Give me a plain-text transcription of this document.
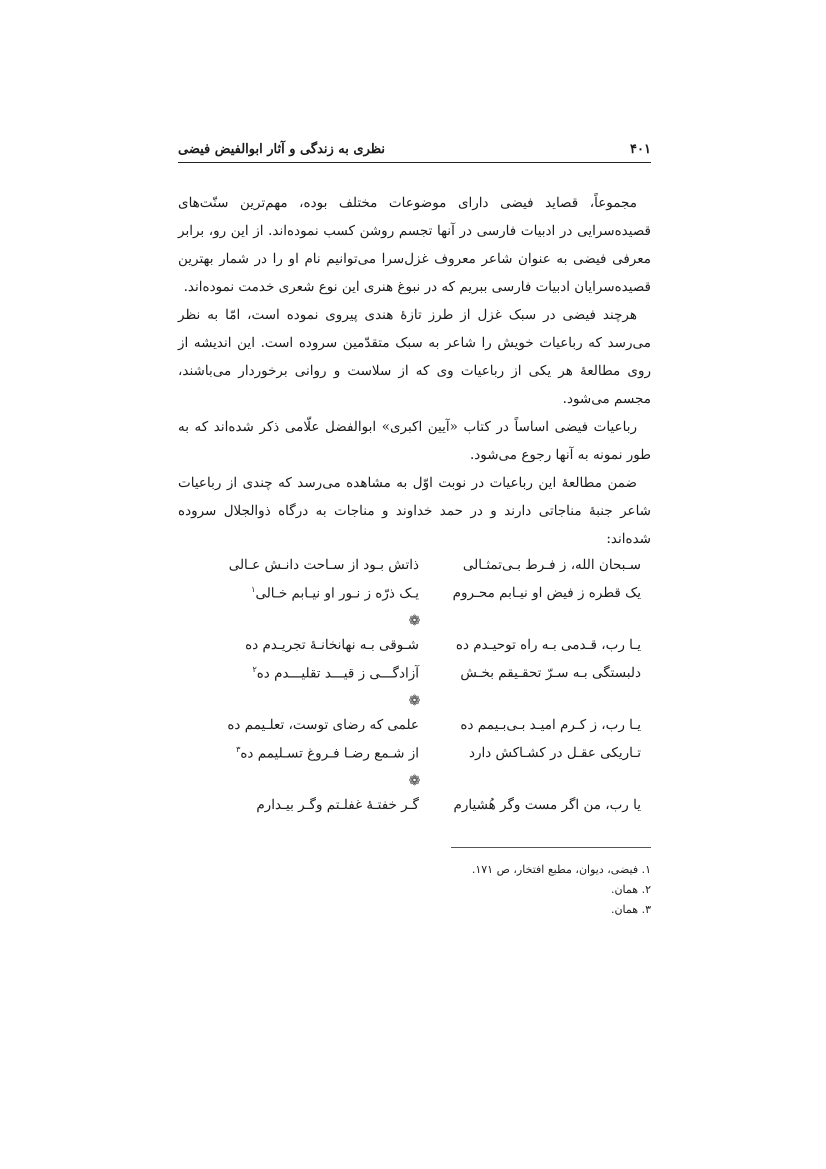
۴۰۱
نظری به زندگی و آثار ابوالفیض فیضی

مجموعاً، قصاید فیضی دارای موضوعات مختلف بوده، مهم‌ترین سنّت‌های قصیده‌سرایی در ادبیات فارسی در آنها تجسم روشن کسب نموده‌اند. از این رو، برابر معرفی فیضی به عنوان شاعر معروف غزل‌سرا می‌توانیم نام او را در شمار بهترین قصیده‌سرایان ادبیات فارسی ببریم که در نبوغ هنری این نوع شعری خدمت نموده‌اند.

هرچند فیضی در سبک غزل از طرز تازهٔ هندی پیروی نموده است، امّا به نظر می‌رسد که رباعیات خویش را شاعر به سبک متقدّمین سروده است. این اندیشه از روی مطالعهٔ هر یکی از رباعیات وی که از سلاست و روانی برخوردار می‌باشند، مجسم می‌شود.

رباعیات فیضی اساساً در کتاب «آیین اکبری» ابوالفضل علّامی ذکر شده‌اند که به طور نمونه به آنها رجوع می‌شود.

ضمن مطالعهٔ این رباعیات در نوبت اوّل به مشاهده می‌رسد که چندی از رباعیات شاعر جنبهٔ مناجاتی دارند و در حمد خداوند و مناجات به درگاه ذوالجلال سروده شده‌اند:

سـبحان الله، ز فـرط بـی‌تمثـالی
ذاتش بـود از سـاحت دانـش عـالی
یک قطره ز فیض او نیـابم محـروم
یـک ذرّه ز نـور او نیـابم خـالی$^۱$
❁
یـا رب، قـدمی بـه راه توحیـدم ده
شـوقی بـه نهانخانـهٔ تجریـدم ده
دلبستگی بـه سـرّ تحقـیقم بخـش
آزادگـــی ز قیـــد تقلیـــدم ده$^۲$
❁
یـا رب، ز کـرم امیـد بـی‌بـیمم ده
علمی که رضای توست، تعلـیمم ده
تـاریکی عقـل در کشـاکش دارد
از شـمع رضـا فـروغ تسـلیمم ده$^۳$
❁
یا رب، من اگر مست وگر هُشیارم
گـر خفتـهٔ غفلـتم وگـر بیـدارم
۱. فیضی، دیوان، مطبع افتخار، ص ۱۷۱.
۲. همان.
۳. همان.
